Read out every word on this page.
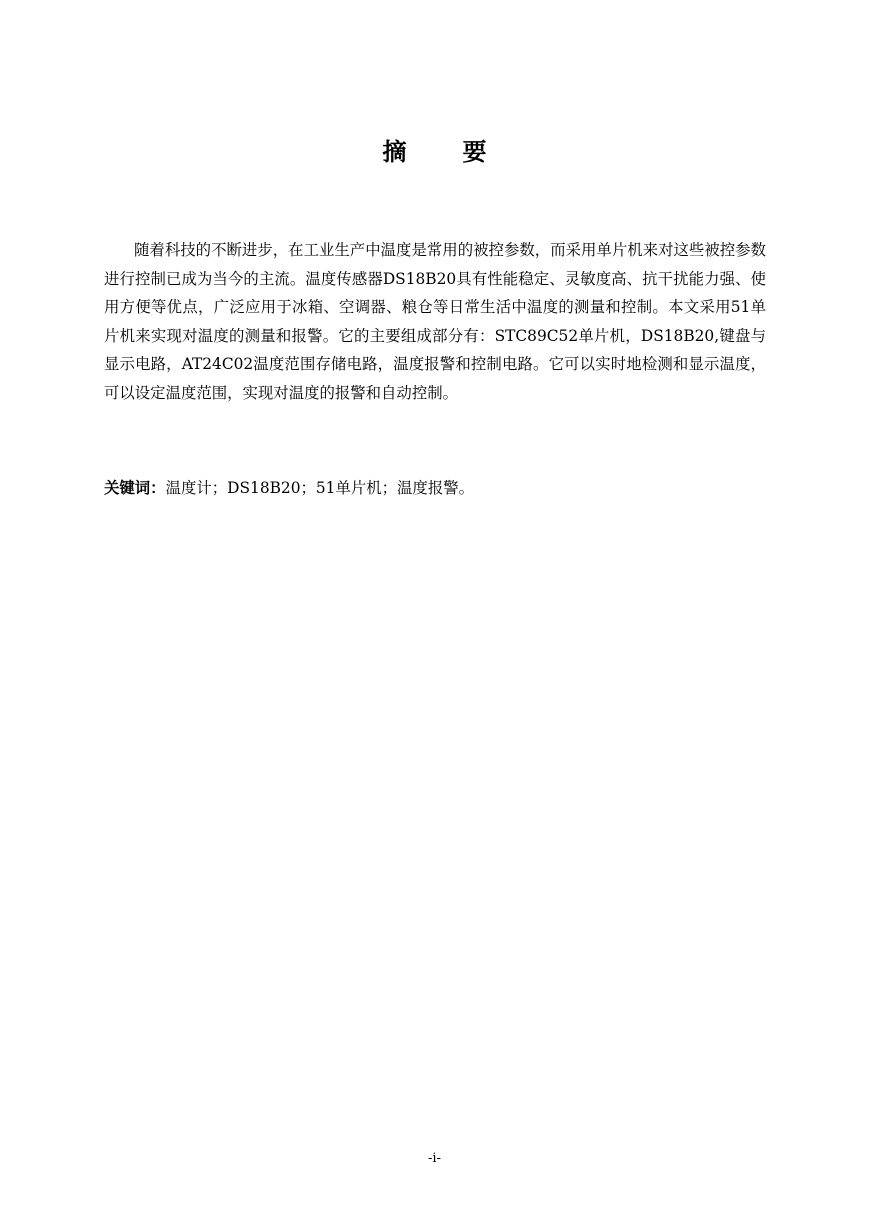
摘 要

随着科技的不断进步，在工业生产中温度是常用的被控参数，而采用单片机来对这些被控参数进行控制已成为当今的主流。温度传感器DS18B20具有性能稳定、灵敏度高、抗干扰能力强、使用方便等优点，广泛应用于冰箱、空调器、粮仓等日常生活中温度的测量和控制。本文采用51单片机来实现对温度的测量和报警。它的主要组成部分有：STC89C52单片机，DS18B20,键盘与显示电路，AT24C02温度范围存储电路，温度报警和控制电路。它可以实时地检测和显示温度，可以设定温度范围，实现对温度的报警和自动控制。

关键词：温度计；DS18B20；51单片机；温度报警。

-i-
